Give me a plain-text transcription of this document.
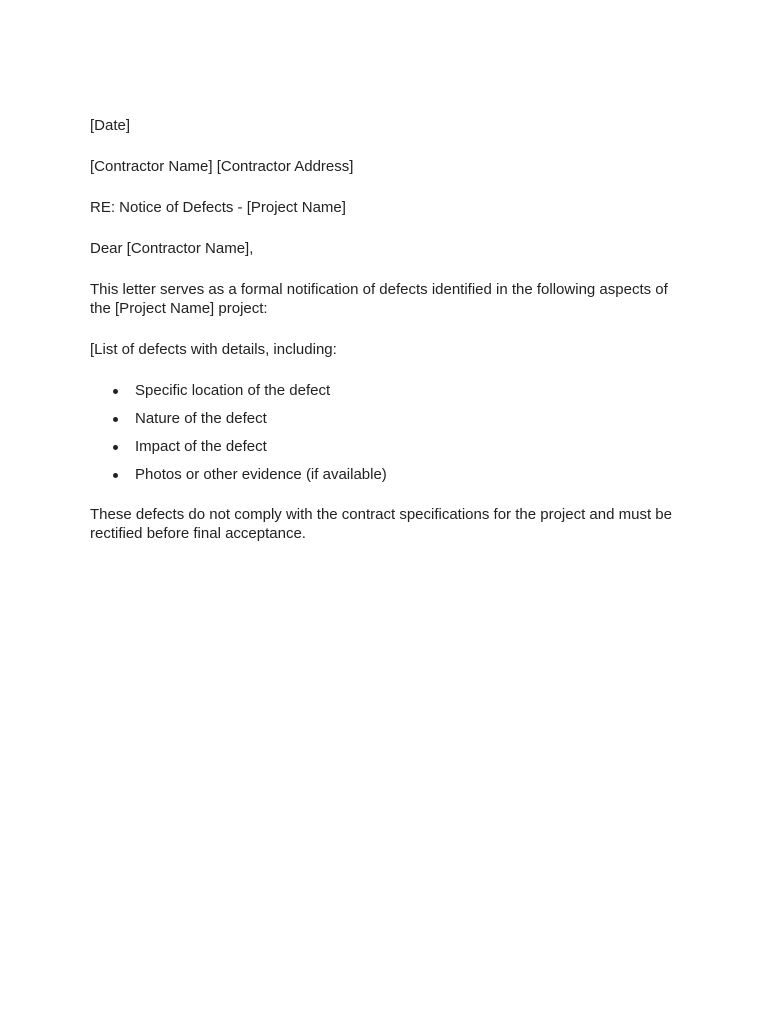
[Date]

[Contractor Name] [Contractor Address]

RE: Notice of Defects - [Project Name]

Dear [Contractor Name],

This letter serves as a formal notification of defects identified in the following aspects of the [Project Name] project:

[List of defects with details, including:

Specific location of the defect
Nature of the defect
Impact of the defect
Photos or other evidence (if available)

These defects do not comply with the contract specifications for the project and must be rectified before final acceptance.
